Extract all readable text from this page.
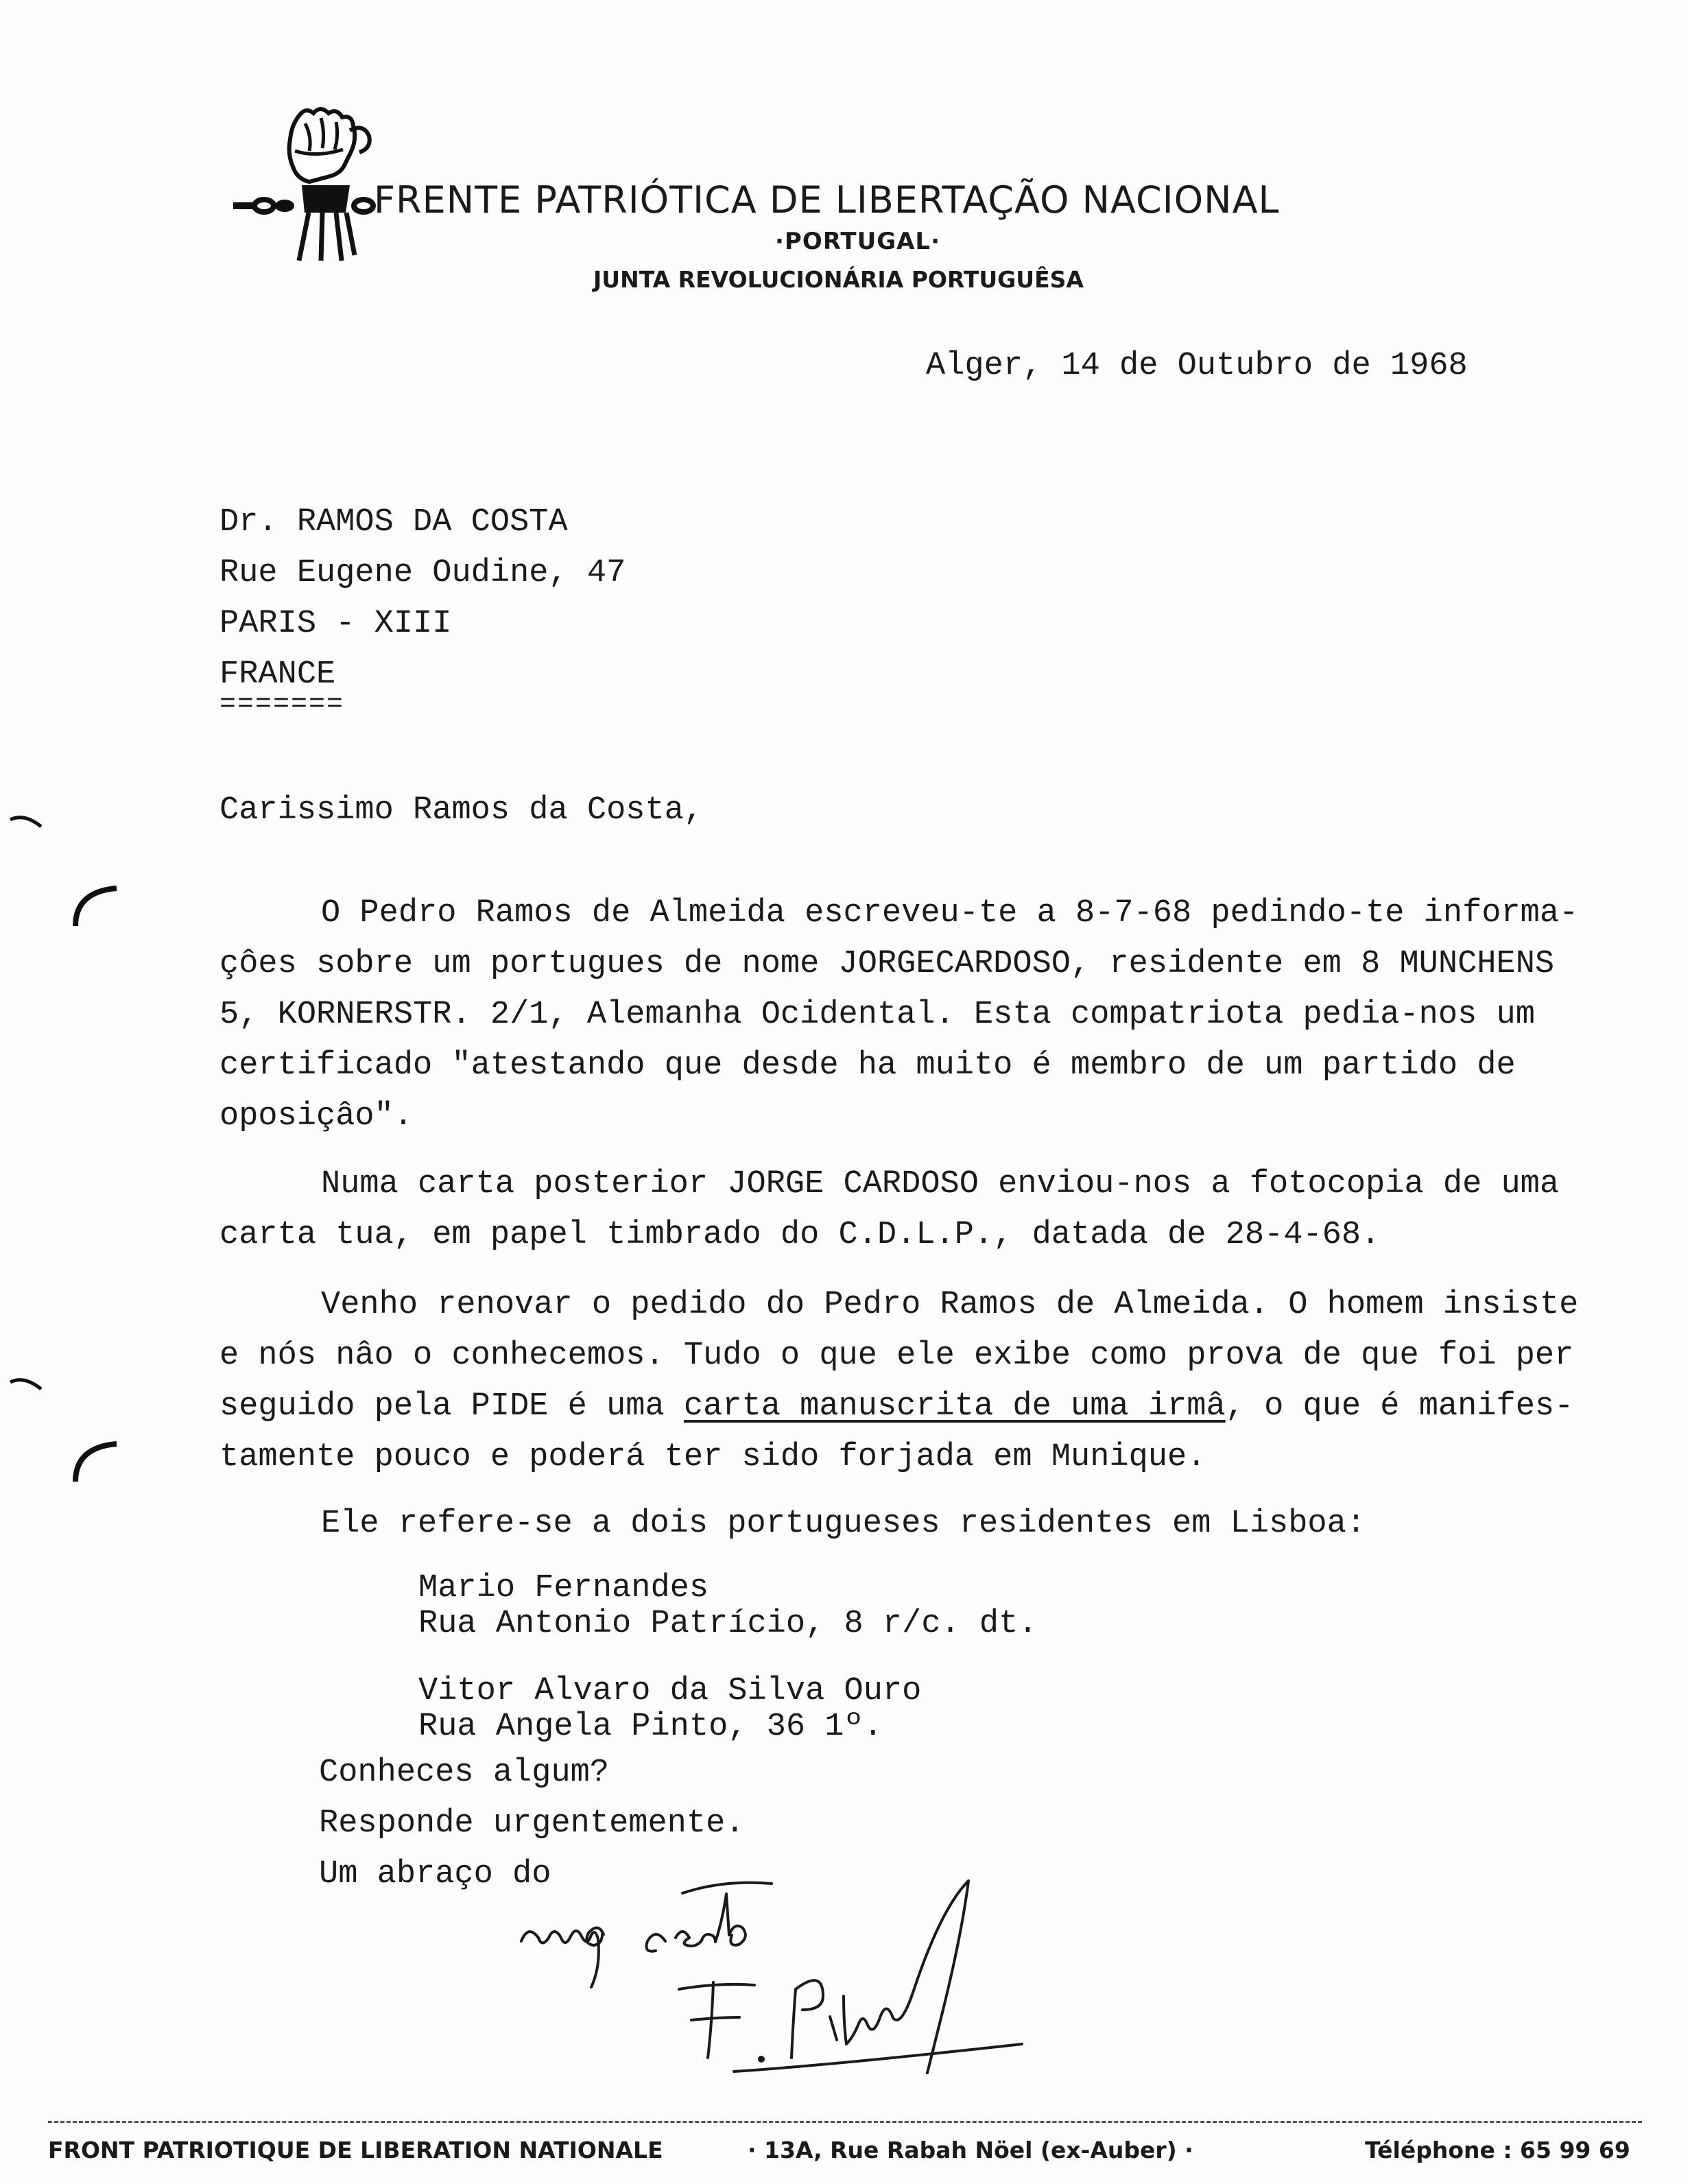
FRENTE PATRIÓTICA DE LIBERTAÇÃO NACIONAL
·PORTUGAL·
JUNTA REVOLUCIONÁRIA PORTUGUÊSA
Alger, 14 de Outubro de 1968
Dr. RAMOS DA COSTA
Rue Eugene Oudine, 47
PARIS - XIII
FRANCE
=======
Carissimo Ramos da Costa,
O Pedro Ramos de Almeida escreveu-te a 8-7-68 pedindo-te informa-
çôes sobre um portugues de nome JORGECARDOSO, residente em 8 MUNCHENS
5, KORNERSTR. 2/1, Alemanha Ocidental. Esta compatriota pedia-nos um
certificado "atestando que desde ha muito é membro de um partido de
oposiçâo".
Numa carta posterior JORGE CARDOSO enviou-nos a fotocopia de uma
carta tua, em papel timbrado do C.D.L.P., datada de 28-4-68.
Venho renovar o pedido do Pedro Ramos de Almeida. O homem insiste
e nós nâo o conhecemos. Tudo o que ele exibe como prova de que foi per
seguido pela PIDE é uma carta manuscrita de uma irmâ, o que é manifes-
tamente pouco e poderá ter sido forjada em Munique.
Ele refere-se a dois portugueses residentes em Lisboa:
Mario Fernandes
Rua Antonio Patrício, 8 r/c. dt.
Vitor Alvaro da Silva Ouro
Rua Angela Pinto, 36 1º.
Conheces algum?
Responde urgentemente.
Um abraço do
FRONT PATRIOTIQUE DE LIBERATION NATIONALE	· 13A, Rue Rabah Nöel (ex-Auber) ·	Téléphone : 65 99 69
